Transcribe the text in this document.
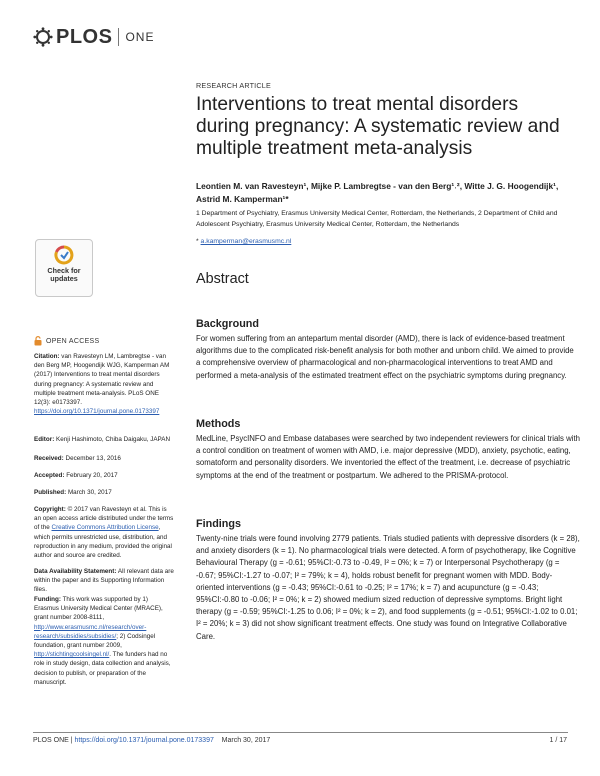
PLOS ONE
RESEARCH ARTICLE
Interventions to treat mental disorders during pregnancy: A systematic review and multiple treatment meta-analysis
Leontien M. van Ravesteyn¹, Mijke P. Lambregtse - van den Berg¹˒², Witte J. G. Hoogendijk¹, Astrid M. Kamperman¹*
1 Department of Psychiatry, Erasmus University Medical Center, Rotterdam, the Netherlands, 2 Department of Child and Adolescent Psychiatry, Erasmus University Medical Center, Rotterdam, the Netherlands
* a.kamperman@erasmusmc.nl
Check for
updates	Abstract
Background
For women suffering from an antepartum mental disorder (AMD), there is lack of evidence-based treatment algorithms due to the complicated risk-benefit analysis for both mother and unborn child. We aimed to provide a comprehensive overview of pharmacological and non-pharmacological interventions to treat AMD and performed a meta-analysis of the estimated treatment effect on the psychiatric symptoms during pregnancy.
Methods
MedLine, PsycINFO and Embase databases were searched by two independent reviewers for clinical trials with a control condition on treatment of women with AMD, i.e. major depressive (MDD), anxiety, psychotic, eating, somatoform and personality disorders. We inventoried the effect of the treatment, i.e. decrease of psychiatric symptoms at the end of the treatment or postpartum. We adhered to the PRISMA-protocol.
Findings
Twenty-nine trials were found involving 2779 patients. Trials studied patients with depressive disorders (k = 28), and anxiety disorders (k = 1). No pharmacological trials were detected. A form of psychotherapy, like Cognitive Behavioural Therapy (g = -0.61; 95%CI:-0.73 to -0.49, I² = 0%; k = 7) or Interpersonal Psychotherapy (g = -0.67; 95%CI:-1.27 to -0.07; I² = 79%; k = 4), holds robust benefit for pregnant women with MDD. Body-oriented interventions (g = -0.43; 95%CI:-0.61 to -0.25; I² = 17%; k = 7) and acupuncture (g = -0.43; 95%CI:-0.80 to -0.06; I² = 0%; k = 2) showed medium sized reduction of depressive symptoms. Bright light therapy (g = -0.59; 95%CI:-1.25 to 0.06; I² = 0%; k = 2), and food supplements (g = -0.51; 95%CI:-1.02 to 0.01; I² = 20%; k = 3) did not show significant treatment effects. One study was found on Integrative Collaborative Care.
OPEN ACCESS
Citation: van Ravesteyn LM, Lambregtse - van den Berg MP, Hoogendijk WJG, Kamperman AM (2017) Interventions to treat mental disorders during pregnancy: A systematic review and multiple treatment meta-analysis. PLoS ONE 12(3): e0173397. https://doi.org/10.1371/journal.pone.0173397
Editor: Kenji Hashimoto, Chiba Daigaku, JAPAN
Received: December 13, 2016
Accepted: February 20, 2017
Published: March 30, 2017
Copyright: © 2017 van Ravesteyn et al. This is an open access article distributed under the terms of the Creative Commons Attribution License, which permits unrestricted use, distribution, and reproduction in any medium, provided the original author and source are credited.
Data Availability Statement: All relevant data are within the paper and its Supporting Information files.
Funding: This work was supported by 1) Erasmus University Medical Center (MRACE), grant number 2008-8111, http://www.erasmusmc.nl/research/over-research/subsidies/subsidies/; 2) Codsingel foundation, grant number 2009, http://stichtingcoolsingel.nl/. The funders had no role in study design, data collection and analysis, decision to publish, or preparation of the manuscript.
PLOS ONE | https://doi.org/10.1371/journal.pone.0173397 March 30, 2017	1 / 17
